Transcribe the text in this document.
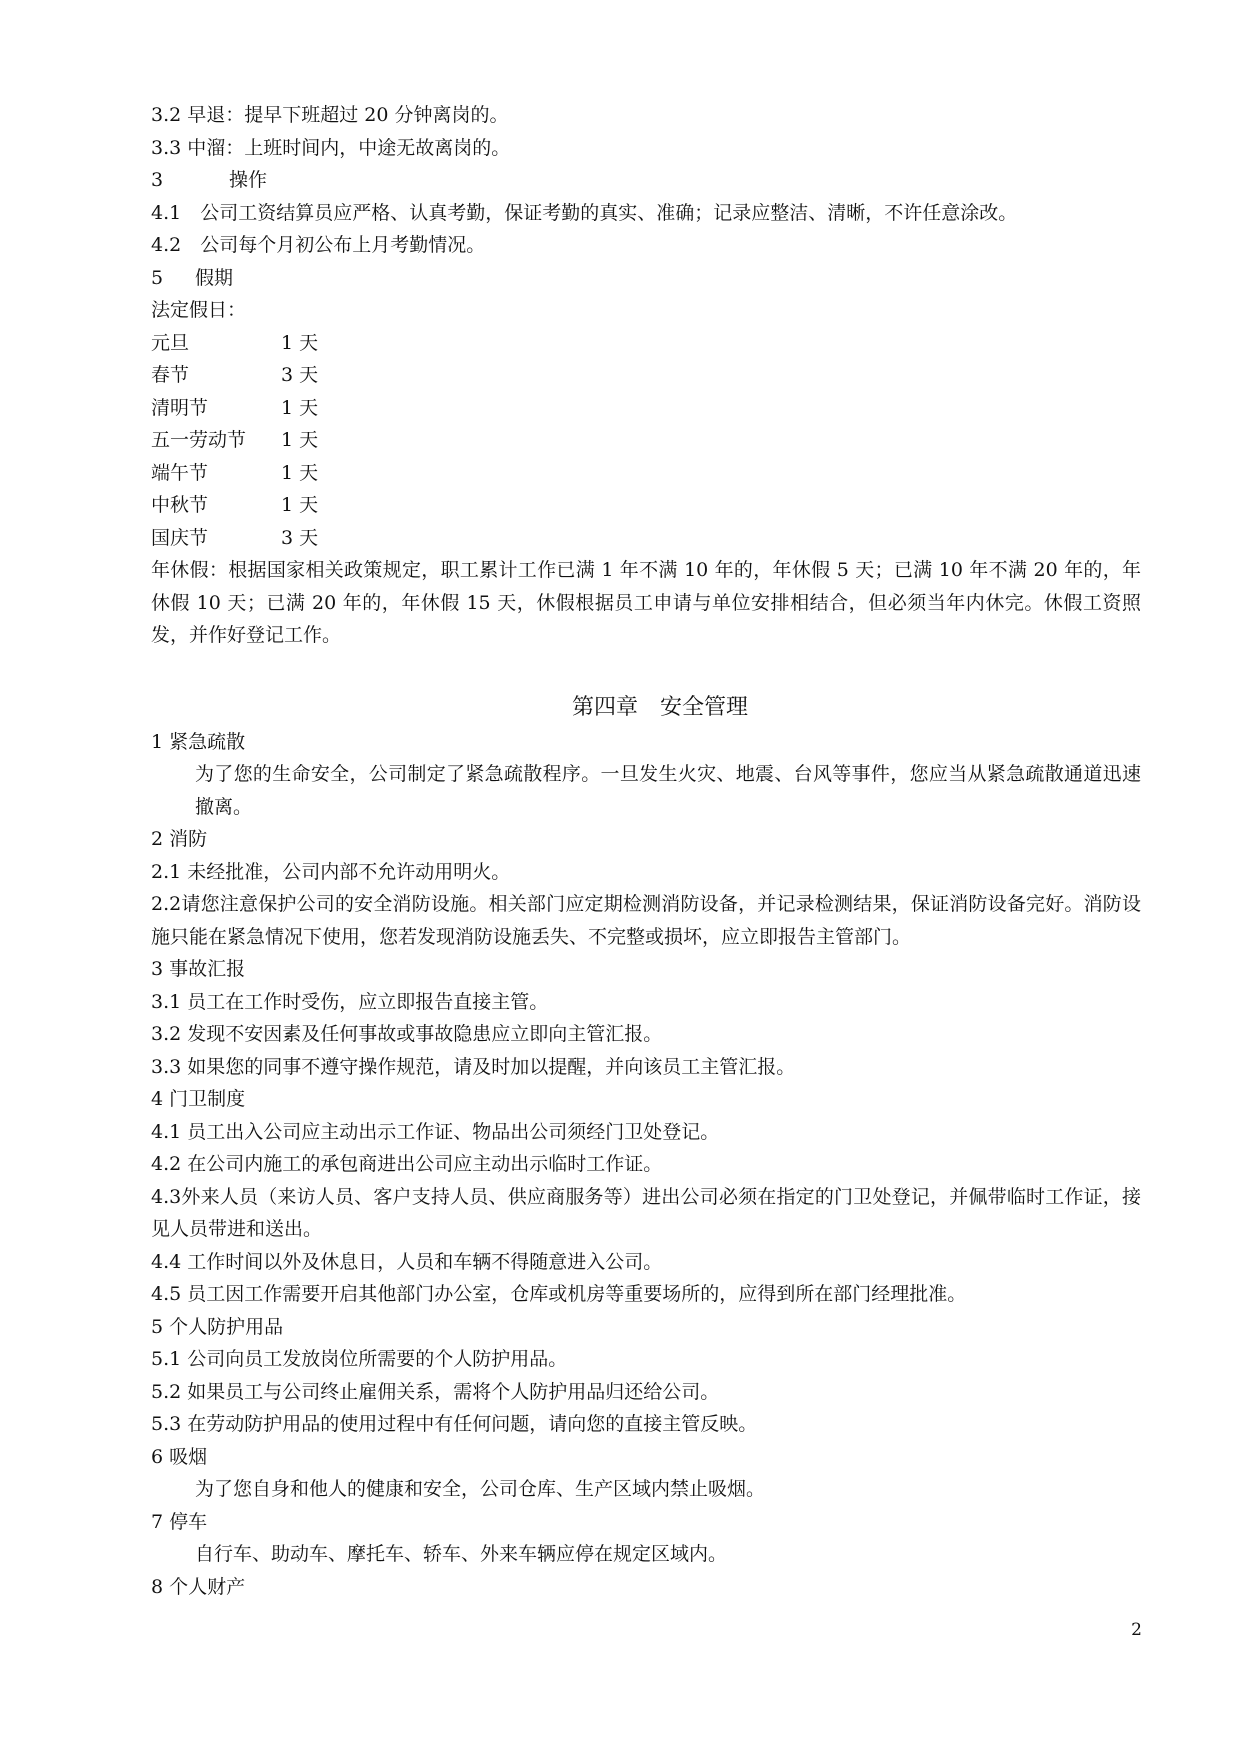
3.2 早退：提早下班超过 20 分钟离岗的。
3.3 中溜：上班时间内，中途无故离岗的。
3	操作
4.1　公司工资结算员应严格、认真考勤，保证考勤的真实、准确；记录应整洁、清晰，不许任意涂改。
4.2　公司每个月初公布上月考勤情况。
5 假期
法定假日：
元旦	1 天
春节	3 天
清明节	1 天
五一劳动节 1 天
端午节	1 天
中秋节	1 天
国庆节	3 天
年休假：根据国家相关政策规定，职工累计工作已满 1 年不满 10 年的，年休假 5 天；已满 10 年不满 20 年的，年休假 10 天；已满 20 年的，年休假 15 天，休假根据员工申请与单位安排相结合，但必须当年内休完。休假工资照发，并作好登记工作。
第四章　安全管理
1 紧急疏散
为了您的生命安全，公司制定了紧急疏散程序。一旦发生火灾、地震、台风等事件，您应当从紧急疏散通道迅速撤离。
2 消防
2.1 未经批准，公司内部不允许动用明火。
2.2请您注意保护公司的安全消防设施。相关部门应定期检测消防设备，并记录检测结果，保证消防设备完好。消防设施只能在紧急情况下使用，您若发现消防设施丢失、不完整或损坏，应立即报告主管部门。
3 事故汇报
3.1 员工在工作时受伤，应立即报告直接主管。
3.2 发现不安因素及任何事故或事故隐患应立即向主管汇报。
3.3 如果您的同事不遵守操作规范，请及时加以提醒，并向该员工主管汇报。
4 门卫制度
4.1 员工出入公司应主动出示工作证、物品出公司须经门卫处登记。
4.2 在公司内施工的承包商进出公司应主动出示临时工作证。
4.3外来人员（来访人员、客户支持人员、供应商服务等）进出公司必须在指定的门卫处登记，并佩带临时工作证，接见人员带进和送出。
4.4 工作时间以外及休息日，人员和车辆不得随意进入公司。
4.5 员工因工作需要开启其他部门办公室，仓库或机房等重要场所的，应得到所在部门经理批准。
5 个人防护用品
5.1 公司向员工发放岗位所需要的个人防护用品。
5.2 如果员工与公司终止雇佣关系，需将个人防护用品归还给公司。
5.3 在劳动防护用品的使用过程中有任何问题，请向您的直接主管反映。
6 吸烟
为了您自身和他人的健康和安全，公司仓库、生产区域内禁止吸烟。
7 停车
自行车、助动车、摩托车、轿车、外来车辆应停在规定区域内。
8 个人财产
2
